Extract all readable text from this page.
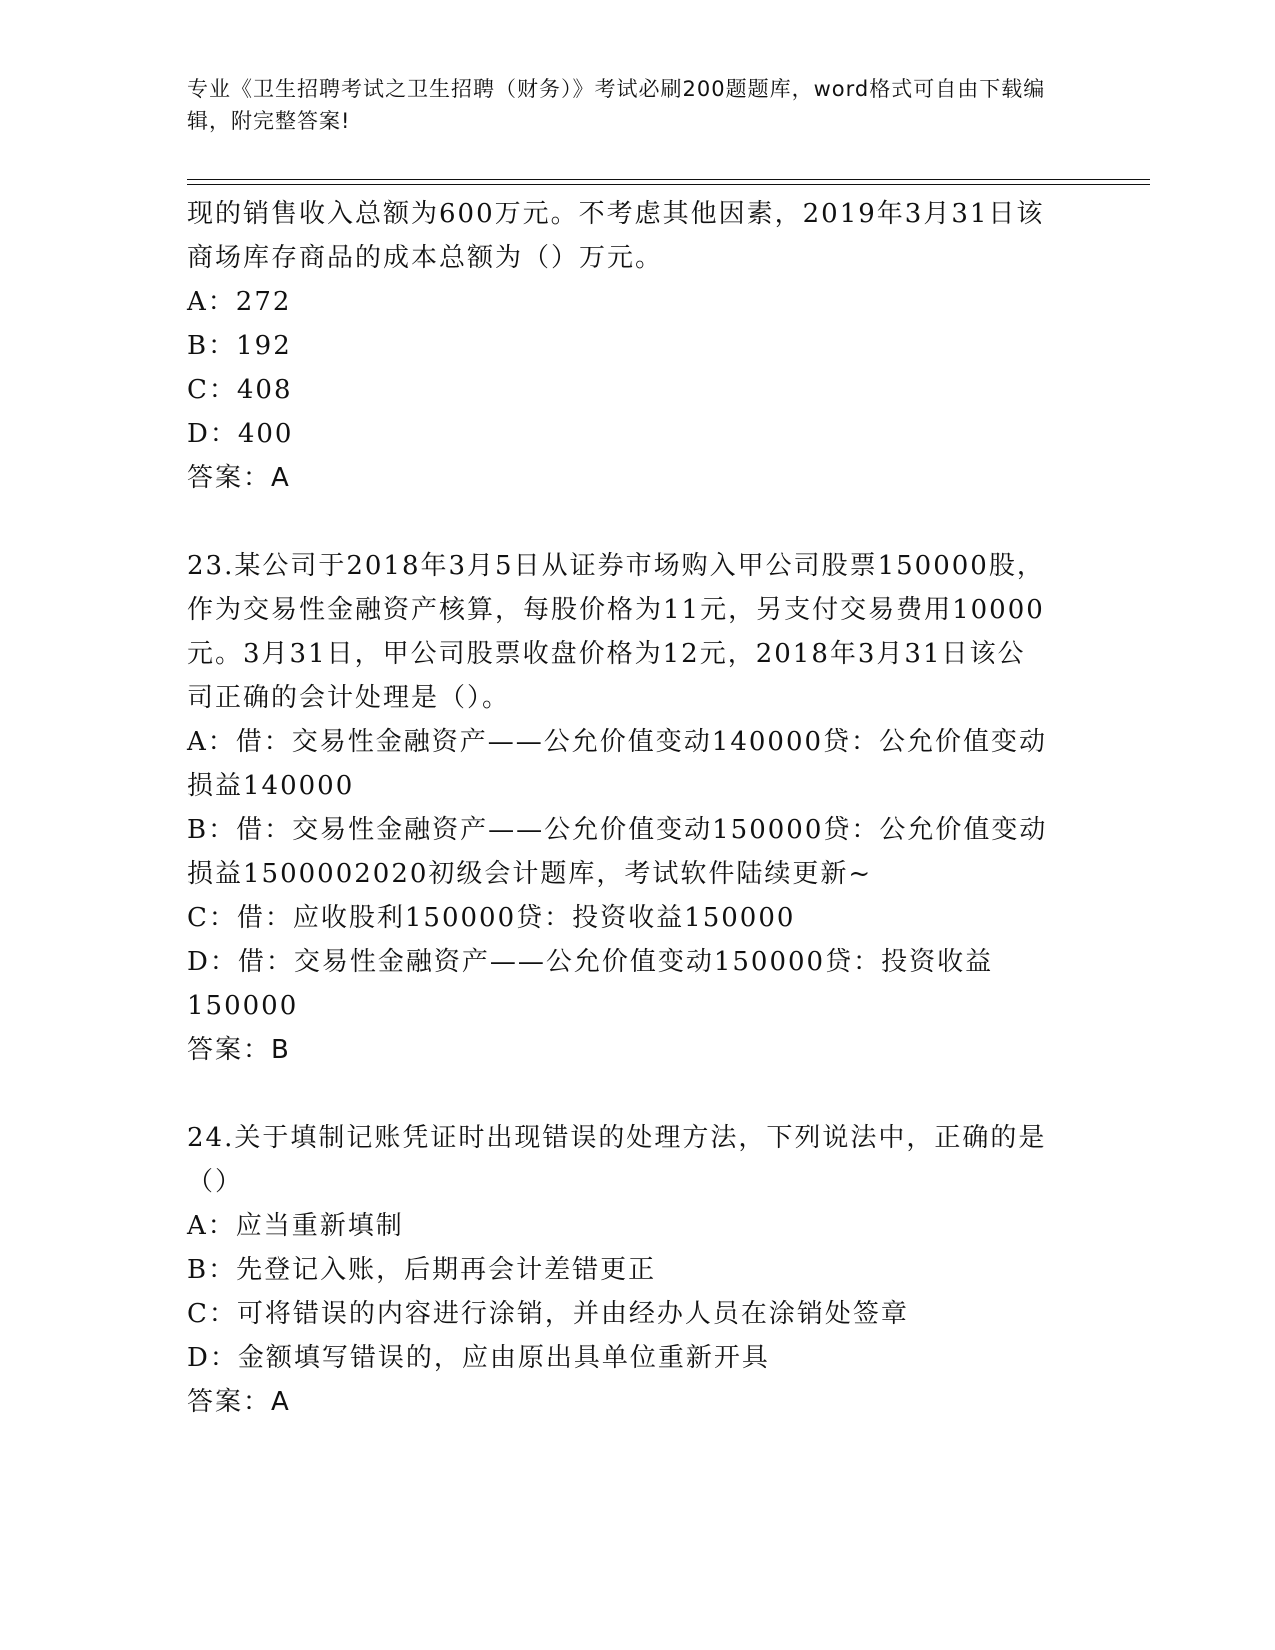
专业《卫生招聘考试之卫生招聘（财务）》考试必刷200题题库，word格式可自由下载编辑，附完整答案!
现的销售收入总额为600万元。不考虑其他因素，2019年3月31日该
商场库存商品的成本总额为（）万元。
A：272
B：192
C：408
D：400
答案：A
23.某公司于2018年3月5日从证券市场购入甲公司股票150000股，
作为交易性金融资产核算，每股价格为11元，另支付交易费用10000
元。3月31日，甲公司股票收盘价格为12元，2018年3月31日该公
司正确的会计处理是（）。
A：借：交易性金融资产——公允价值变动140000贷：公允价值变动
损益140000
B：借：交易性金融资产——公允价值变动150000贷：公允价值变动
损益1500002020初级会计题库，考试软件陆续更新~
C：借：应收股利150000贷：投资收益150000
D：借：交易性金融资产——公允价值变动150000贷：投资收益
150000
答案：B
24.关于填制记账凭证时出现错误的处理方法，下列说法中，正确的是
（）
A：应当重新填制
B：先登记入账，后期再会计差错更正
C：可将错误的内容进行涂销，并由经办人员在涂销处签章
D：金额填写错误的，应由原出具单位重新开具
答案：A
